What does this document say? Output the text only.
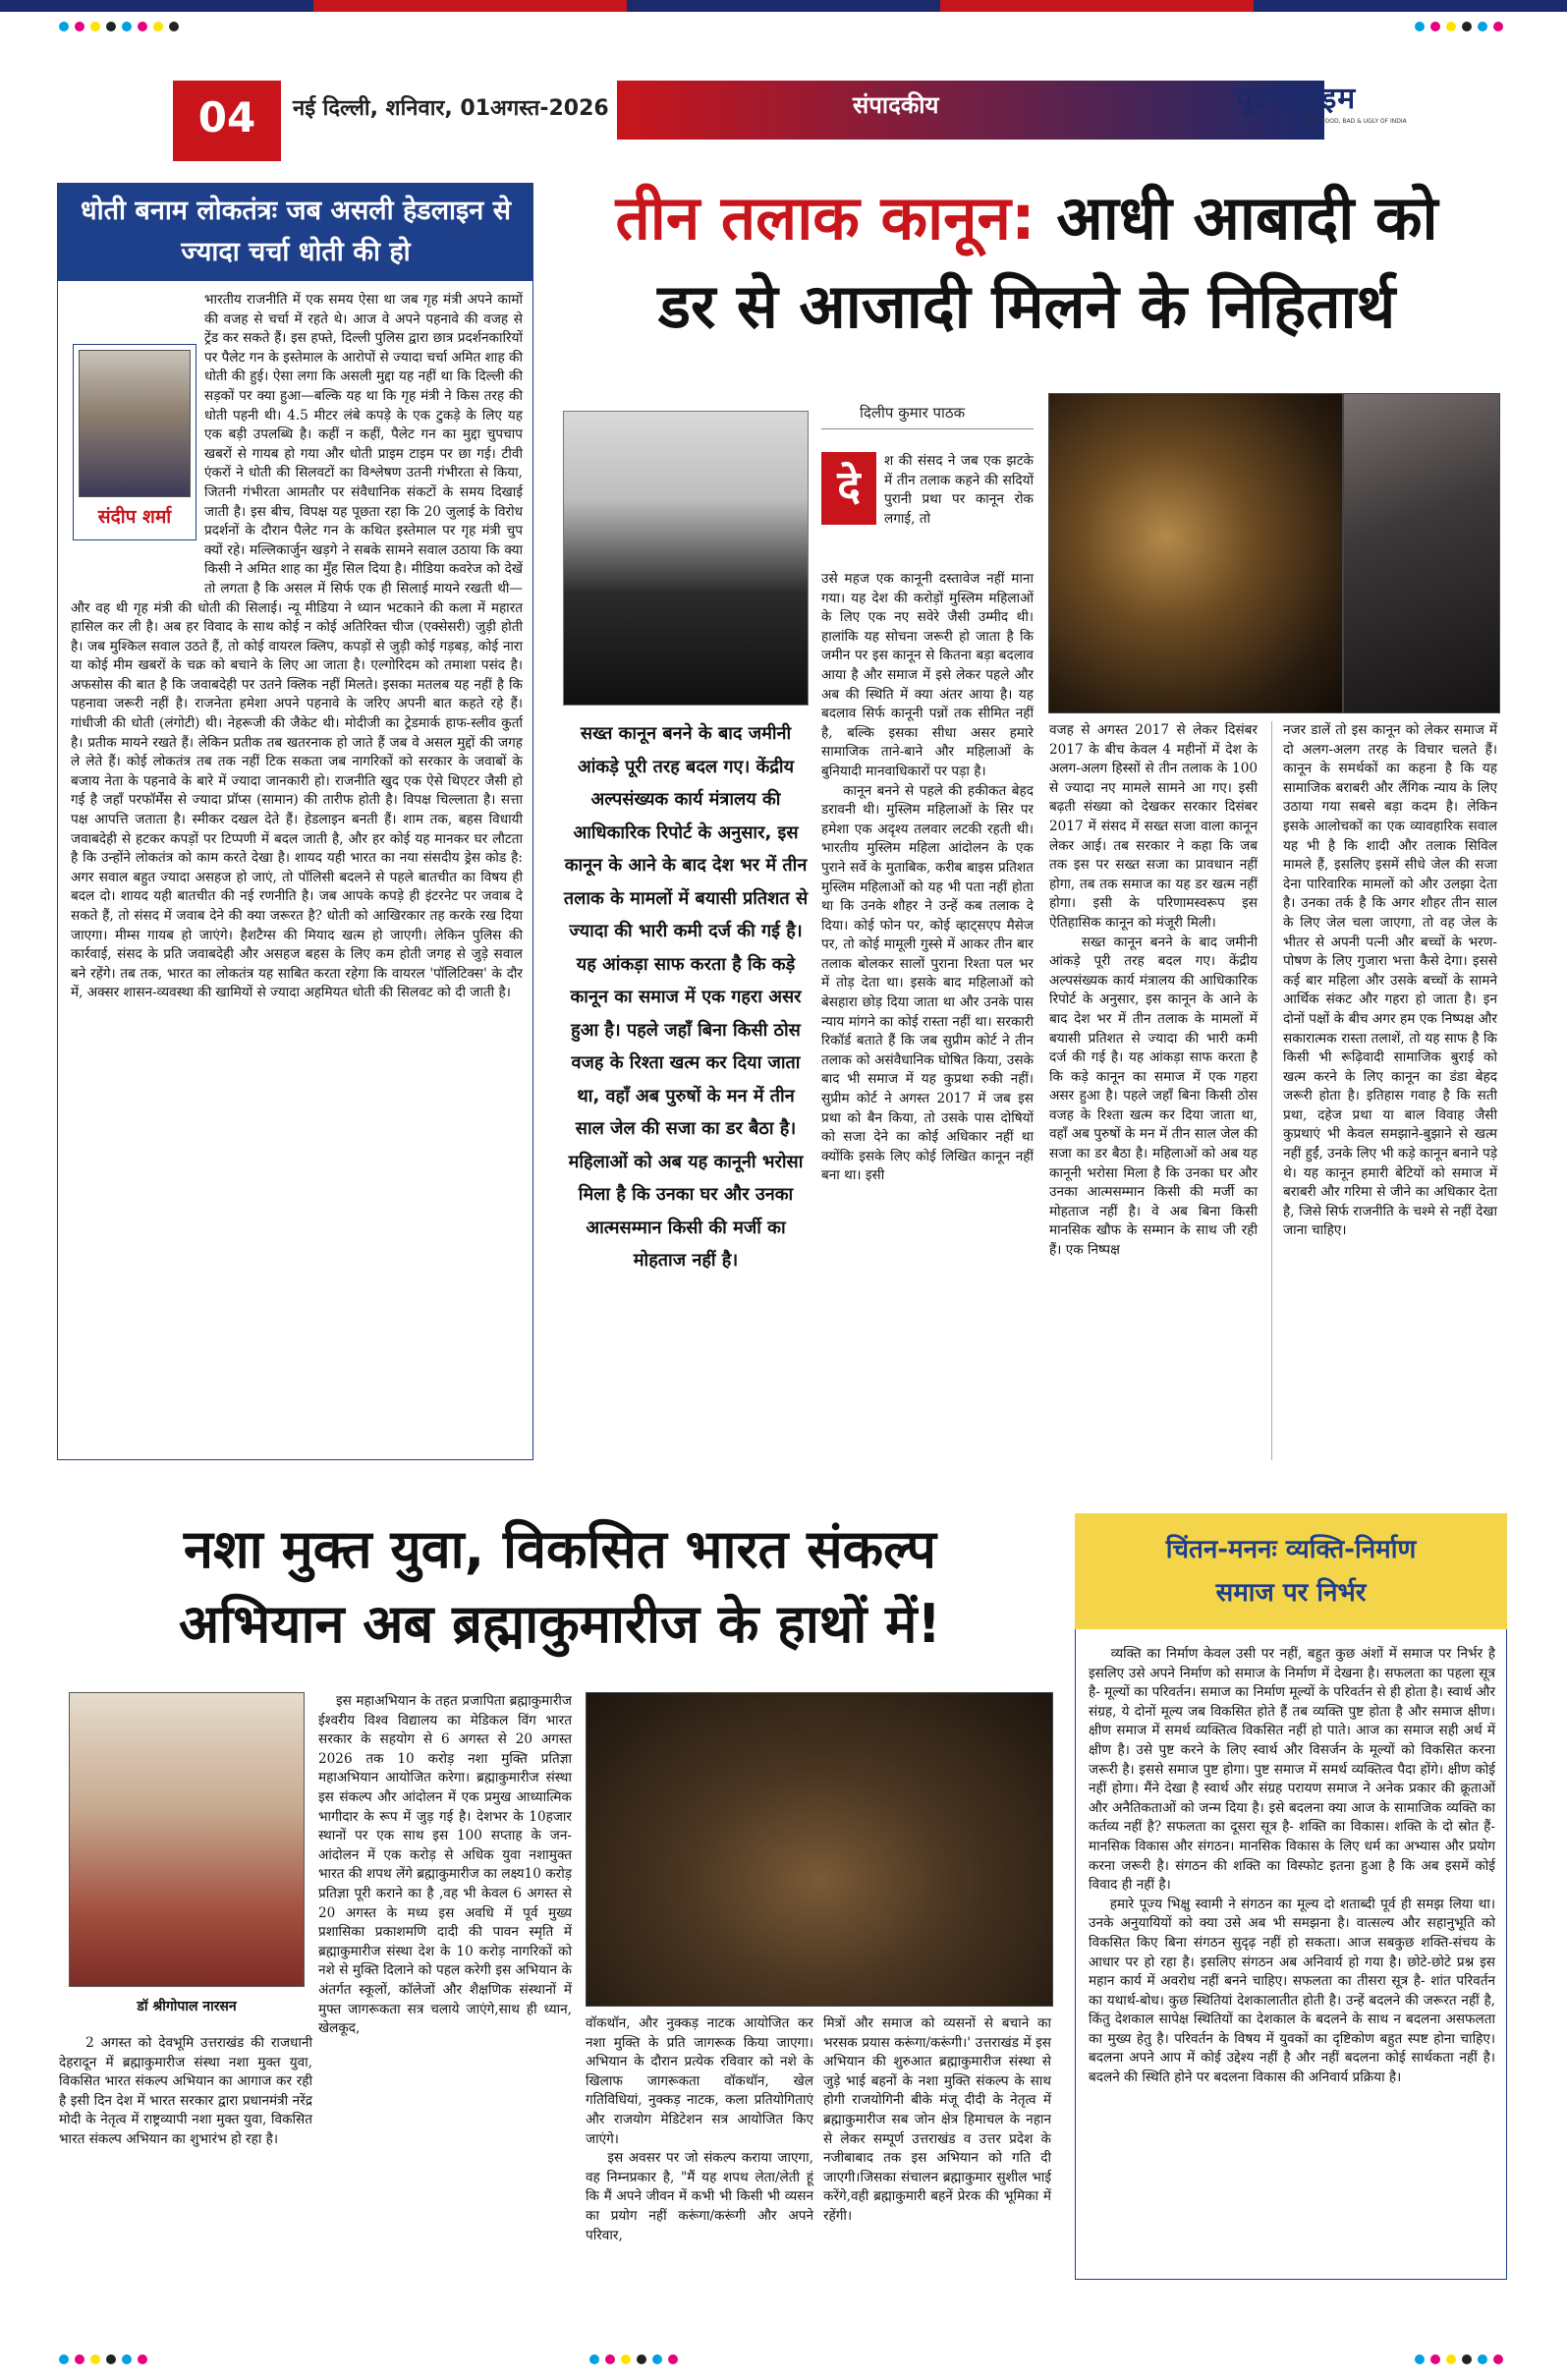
04	नई दिल्ली, शनिवार, 01अगस्त-2026	संपादकीय	यूटर्न टाइम
THE GOOD, BAD & UGLY OF INDIA
धोती बनाम लोकतंत्रः जब असली हेडलाइन से ज्यादा चर्चा धोती की हो
संदीप शर्मा
भारतीय राजनीति में एक समय ऐसा था जब गृह मंत्री अपने कामों की वजह से चर्चा में रहते थे। आज वे अपने पहनावे की वजह से ट्रेंड कर सकते हैं। इस हफ्ते, दिल्ली पुलिस द्वारा छात्र प्रदर्शनकारियों पर पैलेट गन के इस्तेमाल के आरोपों से ज्यादा चर्चा अमित शाह की धोती की हुई। ऐसा लगा कि असली मुद्दा यह नहीं था कि दिल्ली की सड़कों पर क्या हुआ—बल्कि यह था कि गृह मंत्री ने किस तरह की धोती पहनी थी। 4.5 मीटर लंबे कपड़े के एक टुकड़े के लिए यह एक बड़ी उपलब्धि है। कहीं न कहीं, पैलेट गन का मुद्दा चुपचाप खबरों से गायब हो गया और धोती प्राइम टाइम पर छा गई। टीवी एंकरों ने धोती की सिलवटों का विश्लेषण उतनी गंभीरता से किया, जितनी गंभीरता आमतौर पर संवैधानिक संकटों के समय दिखाई जाती है। इस बीच, विपक्ष यह पूछता रहा कि 20 जुलाई के विरोध प्रदर्शनों के दौरान पैलेट गन के कथित इस्तेमाल पर गृह मंत्री चुप क्यों रहे। मल्लिकार्जुन खड़गे ने सबके सामने सवाल उठाया कि क्या किसी ने अमित शाह का मुँह सिल दिया है। मीडिया कवरेज को देखें तो लगता है कि असल में सिर्फ एक ही सिलाई मायने रखती थी—और वह थी गृह मंत्री की धोती की सिलाई। न्यू मीडिया ने ध्यान भटकाने की कला में महारत हासिल कर ली है। अब हर विवाद के साथ कोई न कोई अतिरिक्त चीज (एक्सेसरी) जुड़ी होती है। जब मुश्किल सवाल उठते हैं, तो कोई वायरल क्लिप, कपड़ों से जुड़ी कोई गड़बड़, कोई नारा या कोई मीम खबरों के चक्र को बचाने के लिए आ जाता है। एल्गोरिदम को तमाशा पसंद है। अफसोस की बात है कि जवाबदेही पर उतने क्लिक नहीं मिलते। इसका मतलब यह नहीं है कि पहनावा जरूरी नहीं है। राजनेता हमेशा अपने पहनावे के जरिए अपनी बात कहते रहे हैं। गांधीजी की धोती (लंगोटी) थी। नेहरूजी की जैकेट थी। मोदीजी का ट्रेडमार्क हाफ-स्लीव कुर्ता है। प्रतीक मायने रखते हैं। लेकिन प्रतीक तब खतरनाक हो जाते हैं जब वे असल मुद्दों की जगह ले लेते हैं। कोई लोकतंत्र तब तक नहीं टिक सकता जब नागरिकों को सरकार के जवाबों के बजाय नेता के पहनावे के बारे में ज्यादा जानकारी हो। राजनीति खुद एक ऐसे थिएटर जैसी हो गई है जहाँ परफॉर्मेंस से ज्यादा प्रॉप्स (सामान) की तारीफ होती है। विपक्ष चिल्लाता है। सत्ता पक्ष आपत्ति जताता है। स्मीकर दखल देते हैं। हेडलाइन बनती हैं। शाम तक, बहस विधायी जवाबदेही से हटकर कपड़ों पर टिप्पणी में बदल जाती है, और हर कोई यह मानकर घर लौटता है कि उन्होंने लोकतंत्र को काम करते देखा है। शायद यही भारत का नया संसदीय ड्रेस कोड है: अगर सवाल बहुत ज्यादा असहज हो जाएं, तो पॉलिसी बदलने से पहले बातचीत का विषय ही बदल दो। शायद यही बातचीत की नई रणनीति है। जब आपके कपड़े ही इंटरनेट पर जवाब दे सकते हैं, तो संसद में जवाब देने की क्या जरूरत है? धोती को आखिरकार तह करके रख दिया जाएगा। मीम्स गायब हो जाएंगे। हैशटैग्स की मियाद खत्म हो जाएगी। लेकिन पुलिस की कार्रवाई, संसद के प्रति जवाबदेही और असहज बहस के लिए कम होती जगह से जुड़े सवाल बने रहेंगे। तब तक, भारत का लोकतंत्र यह साबित करता रहेगा कि वायरल 'पॉलिटिक्स' के दौर में, अक्सर शासन-व्यवस्था की खामियों से ज्यादा अहमियत धोती की सिलवट को दी जाती है।
तीन तलाक कानून: आधी आबादी को
डर से आजादी मिलने के निहितार्थ
सख्त कानून बनने के बाद जमीनी आंकड़े पूरी तरह बदल गए। केंद्रीय अल्पसंख्यक कार्य मंत्रालय की आधिकारिक रिपोर्ट के अनुसार, इस कानून के आने के बाद देश भर में तीन तलाक के मामलों में बयासी प्रतिशत से ज्यादा की भारी कमी दर्ज की गई है। यह आंकड़ा साफ करता है कि कड़े कानून का समाज में एक गहरा असर हुआ है। पहले जहाँ बिना किसी ठोस वजह के रिश्ता खत्म कर दिया जाता था, वहाँ अब पुरुषों के मन में तीन साल जेल की सजा का डर बैठा है। महिलाओं को अब यह कानूनी भरोसा मिला है कि उनका घर और उनका आत्मसम्मान किसी की मर्जी का मोहताज नहीं है।
दिलीप कुमार पाठक
दे
श की संसद ने जब एक झटके में तीन तलाक कहने की सदियों पुरानी प्रथा पर कानून रोक लगाई, तो
उसे महज एक कानूनी दस्तावेज नहीं माना गया। यह देश की करोड़ों मुस्लिम महिलाओं के लिए एक नए सवेरे जैसी उम्मीद थी। हालांकि यह सोचना जरूरी हो जाता है कि जमीन पर इस कानून से कितना बड़ा बदलाव आया है और समाज में इसे लेकर पहले और अब की स्थिति में क्या अंतर आया है। यह बदलाव सिर्फ कानूनी पन्नों तक सीमित नहीं है, बल्कि इसका सीधा असर हमारे सामाजिक ताने-बाने और महिलाओं के बुनियादी मानवाधिकारों पर पड़ा है।
कानून बनने से पहले की हकीकत बेहद डरावनी थी। मुस्लिम महिलाओं के सिर पर हमेशा एक अदृश्य तलवार लटकी रहती थी। भारतीय मुस्लिम महिला आंदोलन के एक पुराने सर्वे के मुताबिक, करीब बाइस प्रतिशत मुस्लिम महिलाओं को यह भी पता नहीं होता था कि उनके शौहर ने उन्हें कब तलाक दे दिया। कोई फोन पर, कोई व्हाट्सएप मैसेज पर, तो कोई मामूली गुस्से में आकर तीन बार तलाक बोलकर सालों पुराना रिश्ता पल भर में तोड़ देता था। इसके बाद महिलाओं को बेसहारा छोड़ दिया जाता था और उनके पास न्याय मांगने का कोई रास्ता नहीं था। सरकारी रिकॉर्ड बताते हैं कि जब सुप्रीम कोर्ट ने तीन तलाक को असंवैधानिक घोषित किया, उसके बाद भी समाज में यह कुप्रथा रुकी नहीं। सुप्रीम कोर्ट ने अगस्त 2017 में जब इस प्रथा को बैन किया, तो उसके पास दोषियों को सजा देने का कोई अधिकार नहीं था क्योंकि इसके लिए कोई लिखित कानून नहीं बना था। इसी
वजह से अगस्त 2017 से लेकर दिसंबर 2017 के बीच केवल 4 महीनों में देश के अलग-अलग हिस्सों से तीन तलाक के 100 से ज्यादा नए मामले सामने आ गए। इसी बढ़ती संख्या को देखकर सरकार दिसंबर 2017 में संसद में सख्त सजा वाला कानून लेकर आई। तब सरकार ने कहा कि जब तक इस पर सख्त सजा का प्रावधान नहीं होगा, तब तक समाज का यह डर खत्म नहीं होगा। इसी के परिणामस्वरूप इस ऐतिहासिक कानून को मंजूरी मिली।
सख्त कानून बनने के बाद जमीनी आंकड़े पूरी तरह बदल गए। केंद्रीय अल्पसंख्यक कार्य मंत्रालय की आधिकारिक रिपोर्ट के अनुसार, इस कानून के आने के बाद देश भर में तीन तलाक के मामलों में बयासी प्रतिशत से ज्यादा की भारी कमी दर्ज की गई है। यह आंकड़ा साफ करता है कि कड़े कानून का समाज में एक गहरा असर हुआ है। पहले जहाँ बिना किसी ठोस वजह के रिश्ता खत्म कर दिया जाता था, वहाँ अब पुरुषों के मन में तीन साल जेल की सजा का डर बैठा है। महिलाओं को अब यह कानूनी भरोसा मिला है कि उनका घर और उनका आत्मसम्मान किसी की मर्जी का मोहताज नहीं है। वे अब बिना किसी मानसिक खौफ के सम्मान के साथ जी रही हैं। एक निष्पक्ष
नजर डालें तो इस कानून को लेकर समाज में दो अलग-अलग तरह के विचार चलते हैं। कानून के समर्थकों का कहना है कि यह सामाजिक बराबरी और लैंगिक न्याय के लिए उठाया गया सबसे बड़ा कदम है। लेकिन इसके आलोचकों का एक व्यावहारिक सवाल यह भी है कि शादी और तलाक सिविल मामले हैं, इसलिए इसमें सीधे जेल की सजा देना पारिवारिक मामलों को और उलझा देता है। उनका तर्क है कि अगर शौहर तीन साल के लिए जेल चला जाएगा, तो वह जेल के भीतर से अपनी पत्नी और बच्चों के भरण-पोषण के लिए गुजारा भत्ता कैसे देगा। इससे कई बार महिला और उसके बच्चों के सामने आर्थिक संकट और गहरा हो जाता है। इन दोनों पक्षों के बीच अगर हम एक निष्पक्ष और सकारात्मक रास्ता तलाशें, तो यह साफ है कि किसी भी रूढ़िवादी सामाजिक बुराई को खत्म करने के लिए कानून का डंडा बेहद जरूरी होता है। इतिहास गवाह है कि सती प्रथा, दहेज प्रथा या बाल विवाह जैसी कुप्रथाएं भी केवल समझाने-बुझाने से खत्म नहीं हुईं, उनके लिए भी कड़े कानून बनाने पड़े थे। यह कानून हमारी बेटियों को समाज में बराबरी और गरिमा से जीने का अधिकार देता है, जिसे सिर्फ राजनीति के चश्मे से नहीं देखा जाना चाहिए।
नशा मुक्त युवा, विकसित भारत संकल्प
अभियान अब ब्रह्माकुमारीज के हाथों में!
डॉ श्रीगोपाल नारसन
2 अगस्त को देवभूमि उत्तराखंड की राजधानी देहरादून में ब्रह्माकुमारीज संस्था नशा मुक्त युवा, विकसित भारत संकल्प अभियान का आगाज कर रही है इसी दिन देश में भारत सरकार द्वारा प्रधानमंत्री नरेंद्र मोदी के नेतृत्व में राष्ट्रव्यापी नशा मुक्त युवा, विकसित भारत संकल्प अभियान का शुभारंभ हो रहा है।
इस महाअभियान के तहत प्रजापिता ब्रह्माकुमारीज ईश्वरीय विश्व विद्यालय का मेडिकल विंग भारत सरकार के सहयोग से 6 अगस्त से 20 अगस्त 2026 तक 10 करोड़ नशा मुक्ति प्रतिज्ञा महाअभियान आयोजित करेगा। ब्रह्माकुमारीज संस्था इस संकल्प और आंदोलन में एक प्रमुख आध्यात्मिक भागीदार के रूप में जुड़ गई है। देशभर के 10हजार स्थानों पर एक साथ इस 100 सप्ताह के जन-आंदोलन में एक करोड़ से अधिक युवा नशामुक्त भारत की शपथ लेंगे ब्रह्माकुमारीज का लक्ष्य10 करोड़ प्रतिज्ञा पूरी कराने का है ,वह भी केवल 6 अगस्त से 20 अगस्त के मध्य इस अवधि में पूर्व मुख्य प्रशासिका प्रकाशमणि दादी की पावन स्मृति में ब्रह्माकुमारीज संस्था देश के 10 करोड़ नागरिकों को नशे से मुक्ति दिलाने को पहल करेगी इस अभियान के अंतर्गत स्कूलों, कॉलेजों और शैक्षणिक संस्थानों में मुफ्त जागरूकता सत्र चलाये जाएंगे,साथ ही ध्यान, खेलकूद,	वॉकथॉन, और नुक्कड़ नाटक आयोजित कर नशा मुक्ति के प्रति जागरूक किया जाएगा।अभियान के दौरान प्रत्येक रविवार को नशे के खिलाफ जागरूकता वॉकथॉन, खेल गतिविधियां, नुक्कड़ नाटक, कला प्रतियोगिताएं और राजयोग मेडिटेशन सत्र आयोजित किए जाएंगे।
इस अवसर पर जो संकल्प कराया जाएगा, वह निम्नप्रकार है, "मैं यह शपथ लेता/लेती हूं कि मैं अपने जीवन में कभी भी किसी भी व्यसन का प्रयोग नहीं करूंगा/करूंगी और अपने परिवार,
मित्रों और समाज को व्यसनों से बचाने का भरसक प्रयास करूंगा/करूंगी।' उत्तराखंड में इस अभियान की शुरुआत ब्रह्माकुमारीज संस्था से जुड़े भाई बहनों के नशा मुक्ति संकल्प के साथ होगी राजयोगिनी बीके मंजू दीदी के नेतृत्व में ब्रह्माकुमारीज सब जोन क्षेत्र हिमाचल के नहान से लेकर सम्पूर्ण उत्तराखंड व उत्तर प्रदेश के नजीबाबाद तक इस अभियान को गति दी जाएगी।जिसका संचालन ब्रह्माकुमार सुशील भाई करेंगे,वही ब्रह्माकुमारी बहनें प्रेरक की भूमिका में रहेंगी।
चिंतन-मननः व्यक्ति-निर्माण
समाज पर निर्भर
व्यक्ति का निर्माण केवल उसी पर नहीं, बहुत कुछ अंशों में समाज पर निर्भर है इसलिए उसे अपने निर्माण को समाज के निर्माण में देखना है। सफलता का पहला सूत्र है- मूल्यों का परिवर्तन। समाज का निर्माण मूल्यों के परिवर्तन से ही होता है। स्वार्थ और संग्रह, ये दोनों मूल्य जब विकसित होते हैं तब व्यक्ति पुष्ट होता है और समाज क्षीण। क्षीण समाज में समर्थ व्यक्तित्व विकसित नहीं हो पाते। आज का समाज सही अर्थ में क्षीण है। उसे पुष्ट करने के लिए स्वार्थ और विसर्जन के मूल्यों को विकसित करना जरूरी है। इससे समाज पुष्ट होगा। पुष्ट समाज में समर्थ व्यक्तित्व पैदा होंगे। क्षीण कोई नहीं होगा। मैंने देखा है स्वार्थ और संग्रह परायण समाज ने अनेक प्रकार की क्रूताओं और अनैतिकताओं को जन्म दिया है। इसे बदलना क्या आज के सामाजिक व्यक्ति का कर्तव्य नहीं है? सफलता का दूसरा सूत्र है- शक्ति का विकास। शक्ति के दो स्रोत हैं- मानसिक विकास और संगठन। मानसिक विकास के लिए धर्म का अभ्यास और प्रयोग करना जरूरी है। संगठन की शक्ति का विस्फोट इतना हुआ है कि अब इसमें कोई विवाद ही नहीं है।
हमारे पूज्य भिक्षु स्वामी ने संगठन का मूल्य दो शताब्दी पूर्व ही समझ लिया था। उनके अनुयायियों को क्या उसे अब भी समझना है। वात्सल्य और सहानुभूति को विकसित किए बिना संगठन सुदृढ़ नहीं हो सकता। आज सबकुछ शक्ति-संचय के आधार पर हो रहा है। इसलिए संगठन अब अनिवार्य हो गया है। छोटे-छोटे प्रश्न इस महान कार्य में अवरोध नहीं बनने चाहिए। सफलता का तीसरा सूत्र है- शांत परिवर्तन का यथार्थ-बोध। कुछ स्थितियां देशकालातीत होती है। उन्हें बदलने की जरूरत नहीं है, किंतु देशकाल सापेक्ष स्थितियों का देशकाल के बदलने के साथ न बदलना असफलता का मुख्य हेतु है। परिवर्तन के विषय में युवकों का दृष्टिकोण बहुत स्पष्ट होना चाहिए। बदलना अपने आप में कोई उद्देश्य नहीं है और नहीं बदलना कोई सार्थकता नहीं है। बदलने की स्थिति होने पर बदलना विकास की अनिवार्य प्रक्रिया है।
